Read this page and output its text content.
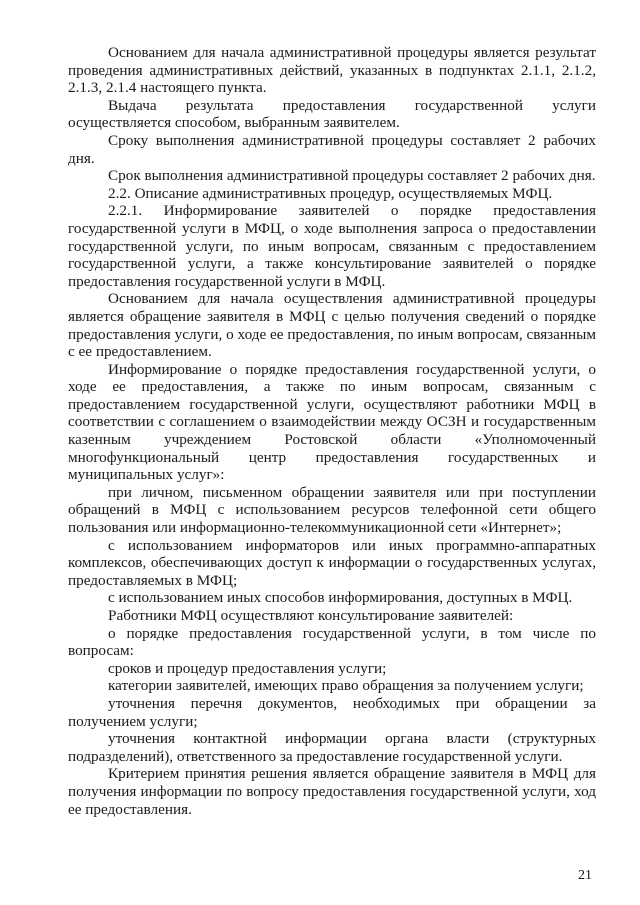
Основанием для начала административной процедуры является результат проведения административных действий, указанных в подпунктах 2.1.1, 2.1.2, 2.1.3, 2.1.4 настоящего пункта.

Выдача результата предоставления государственной услуги осуществляется способом, выбранным заявителем.

Сроку выполнения административной процедуры составляет 2 рабочих дня.

Срок выполнения административной процедуры составляет 2 рабочих дня.

2.2. Описание административных процедур, осуществляемых МФЦ.

2.2.1. Информирование заявителей о порядке предоставления государственной услуги в МФЦ, о ходе выполнения запроса о предоставлении государственной услуги, по иным вопросам, связанным с предоставлением государственной услуги, а также консультирование заявителей о порядке предоставления государственной услуги в МФЦ.

Основанием для начала осуществления административной процедуры является обращение заявителя в МФЦ с целью получения сведений о порядке предоставления услуги, о ходе ее предоставления, по иным вопросам, связанным с ее предоставлением.

Информирование о порядке предоставления государственной услуги, о ходе ее предоставления, а также по иным вопросам, связанным с предоставлением государственной услуги, осуществляют работники МФЦ в соответствии с соглашением о взаимодействии между ОСЗН и государственным казенным учреждением Ростовской области «Уполномоченный многофункциональный центр предоставления государственных и муниципальных услуг»:

при личном, письменном обращении заявителя или при поступлении обращений в МФЦ с использованием ресурсов телефонной сети общего пользования или информационно-телекоммуникационной сети «Интернет»;

с использованием информаторов или иных программно-аппаратных комплексов, обеспечивающих доступ к информации о государственных услугах, предоставляемых в МФЦ;

с использованием иных способов информирования, доступных в МФЦ.

Работники МФЦ осуществляют консультирование заявителей:

о порядке предоставления государственной услуги, в том числе по вопросам:

сроков и процедур предоставления услуги;

категории заявителей, имеющих право обращения за получением услуги;

уточнения перечня документов, необходимых при обращении за получением услуги;

уточнения контактной информации органа власти (структурных подразделений), ответственного за предоставление государственной услуги.

Критерием принятия решения является обращение заявителя в МФЦ для получения информации по вопросу предоставления государственной услуги, ход ее предоставления.

21
